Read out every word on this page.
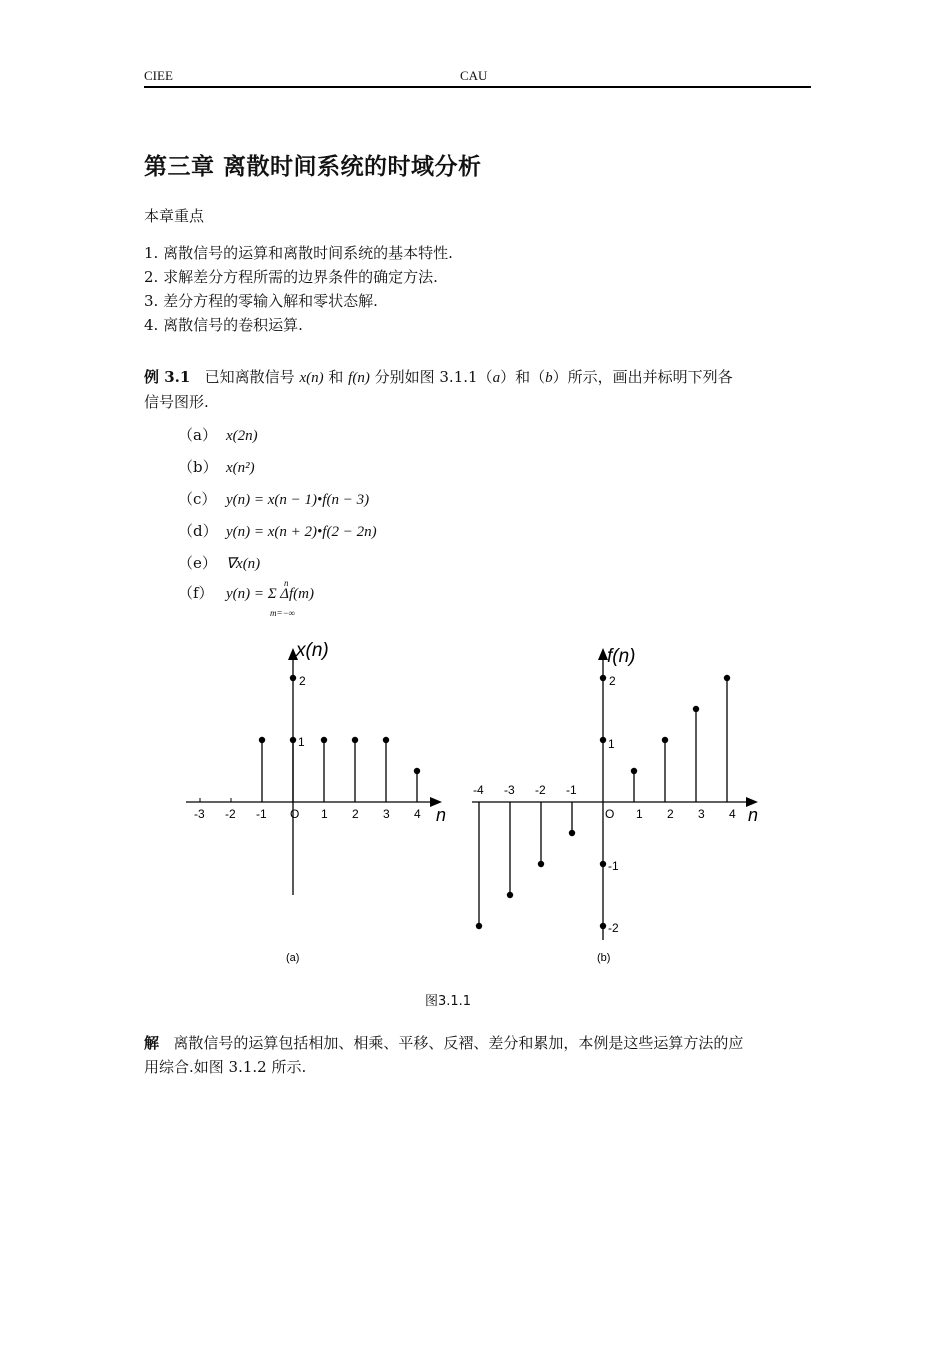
CIEE	CAU
第三章 离散时间系统的时域分析
本章重点
1. 离散信号的运算和离散时间系统的基本特性.
2. 求解差分方程所需的边界条件的确定方法.
3. 差分方程的零输入解和零状态解.
4. 离散信号的卷积运算.
例 3.1 已知离散信号 x(n) 和 f(n) 分别如图 3.1.1（a）和（b）所示，画出并标明下列各
信号图形.
（a） x(2n)
（b） x(n²)
（c） y(n) = x(n − 1)•f(n − 3)
（d） y(n) = x(n + 2)•f(2 − 2n)
（e） ∇x(n)
（f） y(n) = Σ Δf(m)
n
m=−∞
x(n)
n
2
1
-3 -2 -1 O 1 2 3 4
(a)
f(n)
n
2
1
-1
-2
-4 -3 -2 -1
O 1 2 3 4
(b)
图3.1.1
解 离散信号的运算包括相加、相乘、平移、反褶、差分和累加，本例是这些运算方法的应
用综合.如图 3.1.2 所示.
